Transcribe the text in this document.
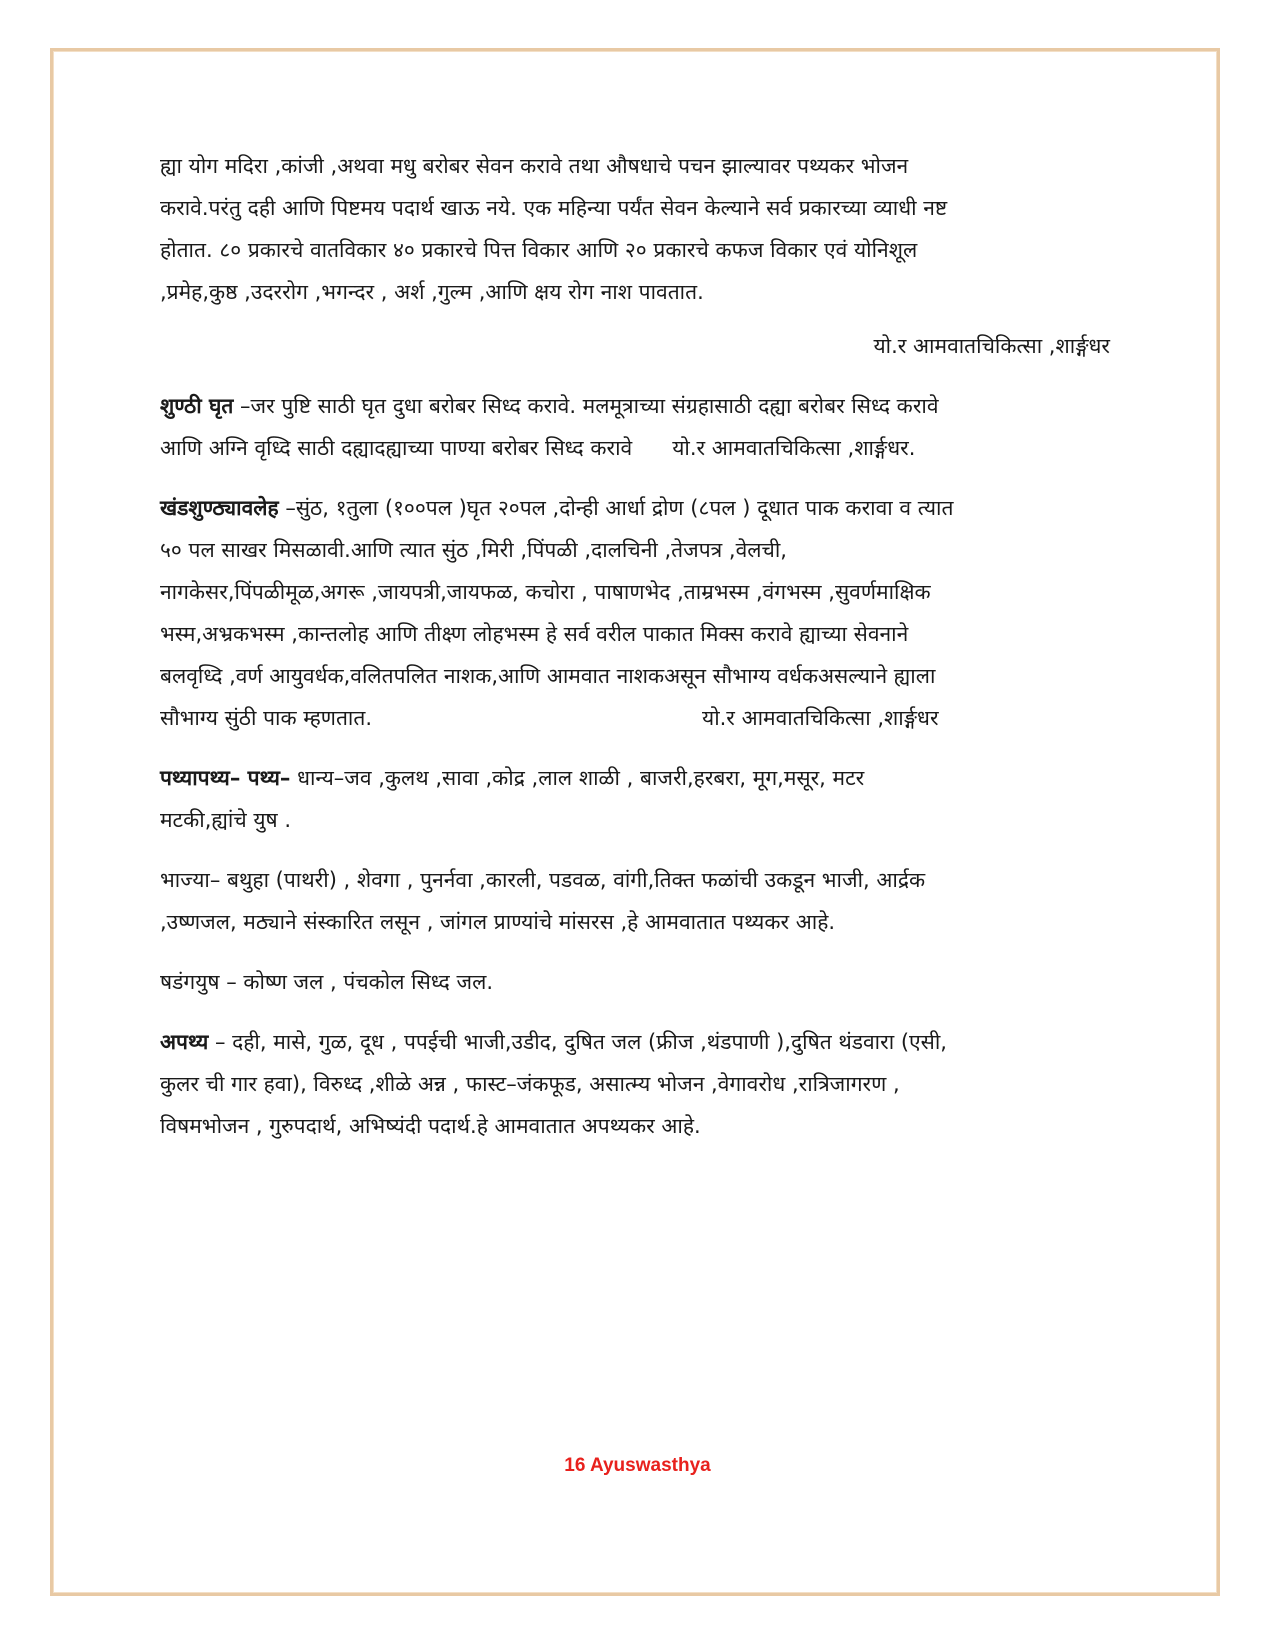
ह्या योग मदिरा ,कांजी ,अथवा मधु बरोबर सेवन करावे तथा औषधाचे पचन झाल्यावर पथ्यकर भोजन

करावे.परंतु दही आणि पिष्टमय पदार्थ खाऊ नये. एक महिन्या पर्यंत सेवन केल्याने सर्व प्रकारच्या व्याधी नष्ट

होतात. ८० प्रकारचे वातविकार ४० प्रकारचे पित्त विकार आणि २० प्रकारचे कफज विकार एवं योनिशूल

,प्रमेह,कुष्ठ ,उदररोग ,भगन्दर , अर्श ,गुल्म ,आणि क्षय रोग नाश पावतात.

यो.र आमवातचिकित्सा ,शार्ङ्गधर

शुण्ठी घृत –जर पुष्टि साठी घृत दुधा बरोबर सिध्द करावे. मलमूत्राच्या संग्रहासाठी दह्या बरोबर सिध्द करावे

आणि अग्नि वृध्दि साठी दह्यादह्याच्या पाण्या बरोबर सिध्द करावे यो.र आमवातचिकित्सा ,शार्ङ्गधर.

खंडशुण्ठ्यावलेह –सुंठ, १तुला (१००पल )घृत २०पल ,दोन्ही आर्धा द्रोण (८पल ) दूधात पाक करावा व त्यात

५० पल साखर मिसळावी.आणि त्यात सुंठ ,मिरी ,पिंपळी ,दालचिनी ,तेजपत्र ,वेलची,

नागकेसर,पिंपळीमूळ,अगरू ,जायपत्री,जायफळ, कचोरा , पाषाणभेद ,ताम्रभस्म ,वंगभस्म ,सुवर्णमाक्षिक

भस्म,अभ्रकभस्म ,कान्तलोह आणि तीक्ष्ण लोहभस्म हे सर्व वरील पाकात मिक्स करावे ह्याच्या सेवनाने

बलवृध्दि ,वर्ण आयुवर्धक,वलितपलित नाशक,आणि आमवात नाशकअसून सौभाग्य वर्धकअसल्याने ह्याला

सौभाग्य सुंठी पाक म्हणतात.	यो.र आमवातचिकित्सा ,शार्ङ्गधर

पथ्यापथ्य– पथ्य– धान्य–जव ,कुलथ ,सावा ,कोद्र ,लाल शाळी , बाजरी,हरबरा, मूग,मसूर, मटर

मटकी,ह्यांचे युष .

भाज्या– बथुहा (पाथरी) , शेवगा , पुनर्नवा ,कारली, पडवळ, वांगी,तिक्त फळांची उकडून भाजी, आर्द्रक

,उष्णजल, मठ्याने संस्कारित लसून , जांगल प्राण्यांचे मांसरस ,हे आमवातात पथ्यकर आहे.

षडंगयुष – कोष्ण जल , पंचकोल सिध्द जल.

अपथ्य – दही, मासे, गुळ, दूध , पपईची भाजी,उडीद, दुषित जल (फ्रीज ,थंडपाणी ),दुषित थंडवारा (एसी,

कुलर ची गार हवा), विरुध्द ,शीळे अन्न , फास्ट–जंकफूड, असात्म्य भोजन ,वेगावरोध ,रात्रिजागरण ,

विषमभोजन , गुरुपदार्थ, अभिष्यंदी पदार्थ.हे आमवातात अपथ्यकर आहे.

16 Ayuswasthya
